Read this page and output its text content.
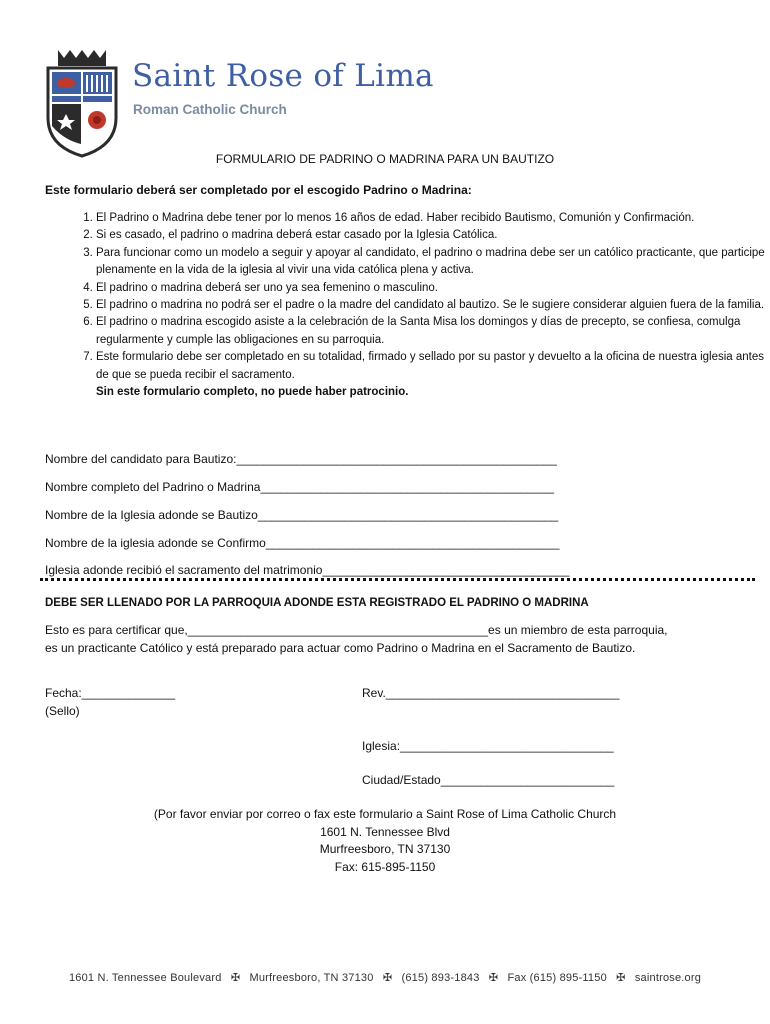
Saint Rose of Lima
Roman Catholic Church
FORMULARIO DE PADRINO O MADRINA PARA UN BAUTIZO
Este formulario deberá ser completado por el escogido Padrino o Madrina:
1. El Padrino o Madrina debe tener por lo menos 16 años de edad. Haber recibido Bautismo, Comunión y Confirmación.
2. Si es casado, el padrino o madrina deberá estar casado por la Iglesia Católica.
3. Para funcionar como un modelo a seguir y apoyar al candidato, el padrino o madrina debe ser un católico practicante, que participe plenamente en la vida de la iglesia al vivir una vida católica plena y activa.
4. El padrino o madrina deberá ser uno ya sea femenino o masculino.
5. El padrino o madrina no podrá ser el padre o la madre del candidato al bautizo. Se le sugiere considerar alguien fuera de la familia.
6. El padrino o madrina escogido asiste a la celebración de la Santa Misa los domingos y días de precepto, se confiesa, comulga regularmente y cumple las obligaciones en su parroquia.
7. Este formulario debe ser completado en su totalidad, firmado y sellado por su pastor y devuelto a la oficina de nuestra iglesia antes de que se pueda recibir el sacramento.
Sin este formulario completo, no puede haber patrocinio.
Nombre del candidato para Bautizo:________________________________________________
Nombre completo del Padrino o Madrina____________________________________________
Nombre de la Iglesia adonde se Bautizo_____________________________________________
Nombre de la iglesia adonde se Confirmo____________________________________________
Iglesia adonde recibió el sacramento del matrimonio_____________________________________
DEBE SER LLENADO POR LA PARROQUIA ADONDE ESTA REGISTRADO EL PADRINO O MADRINA
Esto es para certificar que,_____________________________________________es un miembro de esta parroquia,
es un practicante Católico y está preparado para actuar como Padrino o Madrina en el Sacramento de Bautizo.
Fecha:______________
(Sello)
Rev.___________________________________
Iglesia:________________________________
Ciudad/Estado__________________________
(Por favor enviar por correo o fax este formulario a Saint Rose of Lima Catholic Church
1601 N. Tennessee Blvd
Murfreesboro, TN 37130
Fax: 615-895-1150
1601 N. Tennessee Boulevard ✠ Murfreesboro, TN 37130 ✠ (615) 893-1843 ✠ Fax (615) 895-1150 ✠ saintrose.org
